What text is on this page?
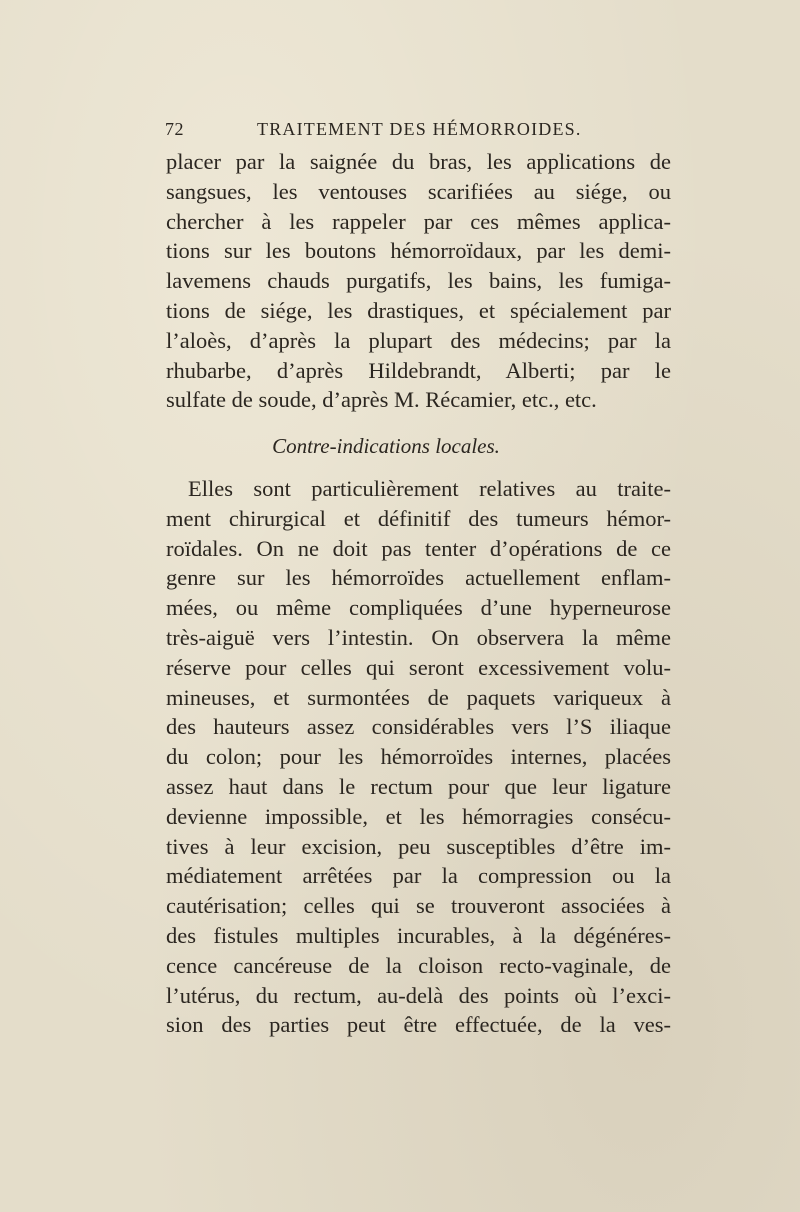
72	TRAITEMENT DES HÉMORROIDES.
placer par la saignée du bras, les applications de
sangsues, les ventouses scarifiées au siége, ou
chercher à les rappeler par ces mêmes applica-
tions sur les boutons hémorroïdaux, par les demi-
lavemens chauds purgatifs, les bains, les fumiga-
tions de siége, les drastiques, et spécialement par
l’aloès, d’après la plupart des médecins; par la
rhubarbe, d’après Hildebrandt, Alberti; par le
sulfate de soude, d’après M. Récamier, etc., etc.
Contre-indications locales.
Elles sont particulièrement relatives au traite-
ment chirurgical et définitif des tumeurs hémor-
roïdales. On ne doit pas tenter d’opérations de ce
genre sur les hémorroïdes actuellement enflam-
mées, ou même compliquées d’une hyperneurose
très-aiguë vers l’intestin. On observera la même
réserve pour celles qui seront excessivement volu-
mineuses, et surmontées de paquets variqueux à
des hauteurs assez considérables vers l’S iliaque
du colon; pour les hémorroïdes internes, placées
assez haut dans le rectum pour que leur ligature
devienne impossible, et les hémorragies consécu-
tives à leur excision, peu susceptibles d’être im-
médiatement arrêtées par la compression ou la
cautérisation; celles qui se trouveront associées à
des fistules multiples incurables, à la dégénéres-
cence cancéreuse de la cloison recto-vaginale, de
l’utérus, du rectum, au-delà des points où l’exci-
sion des parties peut être effectuée, de la ves-
